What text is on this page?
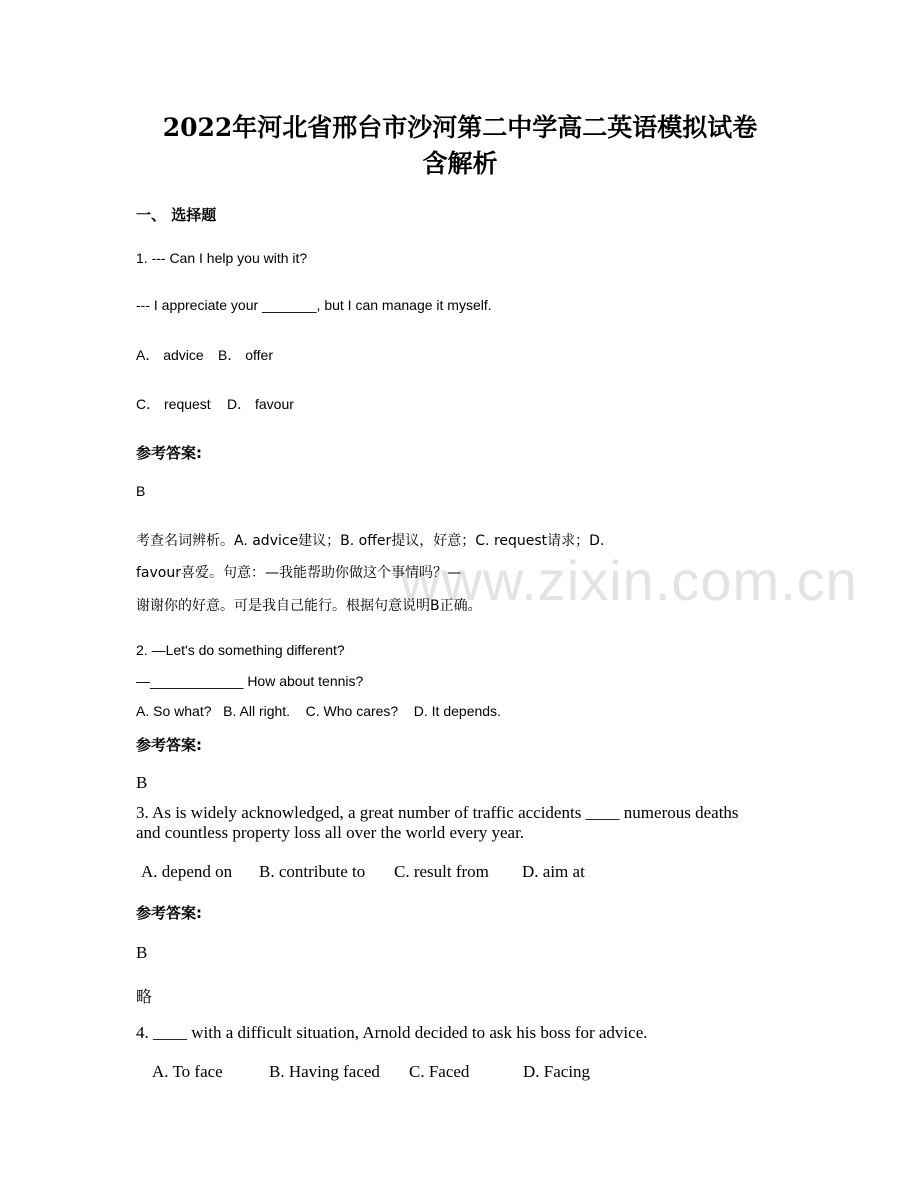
www.zixin.com.cn
2022年河北省邢台市沙河第二中学高二英语模拟试卷
含解析
一、 选择题
1. --- Can I help you with it?
--- I appreciate your _______, but I can manage it myself.
A． advice B． offer
C． request D． favour
参考答案:
B
考查名词辨析。A. advice建议；B. offer提议，好意；C. request请求；D.
favour喜爱。句意：—我能帮助你做这个事情吗？—
谢谢你的好意。可是我自己能行。根据句意说明B正确。
2. —Let's do something different?
—____________ How about tennis?
A. So what?   B. All right.    C. Who cares?    D. It depends.
参考答案:
B
3. As is widely acknowledged, a great number of traffic accidents ____ numerous deaths
and countless property loss all over the world every year.
A. depend on B. contribute to C. result from D. aim at
参考答案:
B
略
4. ____ with a difficult situation, Arnold decided to ask his boss for advice.
A. To face	B. Having faced C. Faced	D. Facing
